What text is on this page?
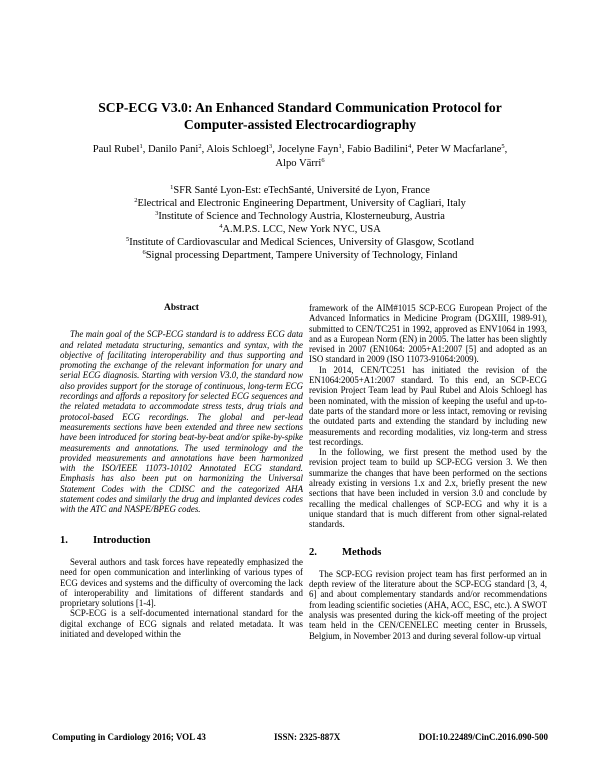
SCP-ECG V3.0: An Enhanced Standard Communication Protocol for
Computer-assisted Electrocardiography
Paul Rubel$^1$, Danilo Pani$^2$, Alois Schloegl$^3$, Jocelyne Fayn$^1$, Fabio Badilini$^4$, Peter W Macfarlane$^5$,
Alpo Värri$^6$
$^1$SFR Santé Lyon-Est: eTechSanté, Université de Lyon, France
$^2$Electrical and Electronic Engineering Department, University of Cagliari, Italy
$^3$Institute of Science and Technology Austria, Klosterneuburg, Austria
$^4$A.M.P.S. LCC, New York NYC, USA
$^5$Institute of Cardiovascular and Medical Sciences, University of Glasgow, Scotland
$^6$Signal processing Department, Tampere University of Technology, Finland
Abstract

The main goal of the SCP-ECG standard is to address ECG data and related metadata structuring, semantics and syntax, with the objective of facilitating interoperability and thus supporting and promoting the exchange of the relevant information for unary and serial ECG diagnosis. Starting with version V3.0, the standard now also provides support for the storage of continuous, long-term ECG recordings and affords a repository for selected ECG sequences and the related metadata to accommodate stress tests, drug trials and protocol-based ECG recordings. The global and per-lead measurements sections have been extended and three new sections have been introduced for storing beat-by-beat and/or spike-by-spike measurements and annotations. The used terminology and the provided measurements and annotations have been harmonized with the ISO/IEEE 11073-10102 Annotated ECG standard. Emphasis has also been put on harmonizing the Universal Statement Codes with the CDISC and the categorized AHA statement codes and similarly the drug and implanted devices codes with the ATC and NASPE/BPEG codes.

1.	Introduction

Several authors and task forces have repeatedly emphasized the need for open communication and interlinking of various types of ECG devices and systems and the difficulty of overcoming the lack of interoperability and limitations of different standards and proprietary solutions [1-4].

SCP-ECG is a self-documented international standard for the digital exchange of ECG signals and related metadata. It was initiated and developed within the

framework of the AIM#1015 SCP-ECG European Project of the Advanced Informatics in Medicine Program (DGXIII, 1989-91), submitted to CEN/TC251 in 1992, approved as ENV1064 in 1993, and as a European Norm (EN) in 2005. The latter has been slightly revised in 2007 (EN1064: 2005+A1:2007 [5] and adopted as an ISO standard in 2009 (ISO 11073-91064:2009).

In 2014, CEN/TC251 has initiated the revision of the EN1064:2005+A1:2007 standard. To this end, an SCP-ECG revision Project Team lead by Paul Rubel and Alois Schloegl has been nominated, with the mission of keeping the useful and up-to-date parts of the standard more or less intact, removing or revising the outdated parts and extending the standard by including new measurements and recording modalities, viz long-term and stress test recordings.

In the following, we first present the method used by the revision project team to build up SCP-ECG version 3. We then summarize the changes that have been performed on the sections already existing in versions 1.x and 2.x, briefly present the new sections that have been included in version 3.0 and conclude by recalling the medical challenges of SCP-ECG and why it is a unique standard that is much different from other signal-related standards.

2.	Methods

The SCP-ECG revision project team has first performed an in depth review of the literature about the SCP-ECG standard [3, 4, 6] and about complementary standards and/or recommendations from leading scientific societies (AHA, ACC, ESC, etc.). A SWOT analysis was presented during the kick-off meeting of the project team held in the CEN/CENELEC meeting center in Brussels, Belgium, in November 2013 and during several follow-up virtual

Computing in Cardiology 2016; VOL 43	ISSN: 2325-887X	DOI:10.22489/CinC.2016.090-500
